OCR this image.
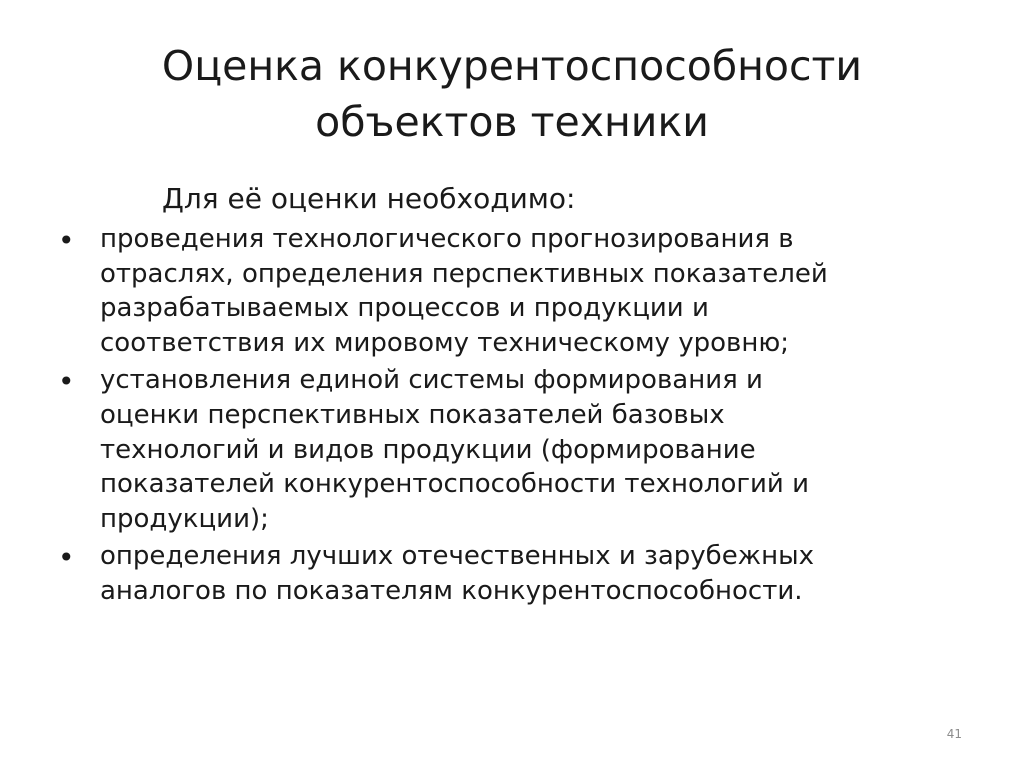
Оценка конкурентоспособности
объектов техники

Для её оценки необходимо:

• проведения технологического прогнозирования в
отраслях, определения перспективных показателей
разрабатываемых процессов и продукции и
соответствия их мировому техническому уровню;
• установления единой системы формирования и
оценки перспективных показателей базовых
технологий и видов продукции (формирование
показателей конкурентоспособности технологий и
продукции);
• определения лучших отечественных и зарубежных
аналогов по показателям конкурентоспособности.
41
